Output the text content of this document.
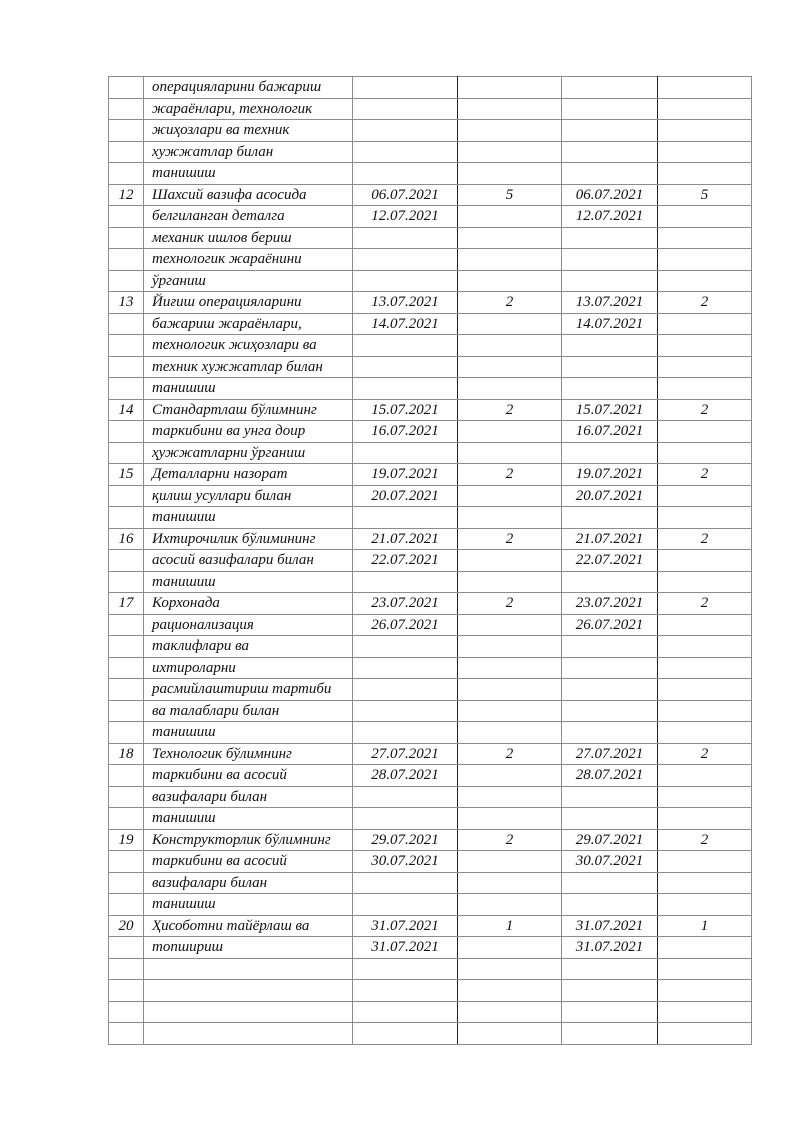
	операцияларини бажариш				
	жараёнлари, технологик				
	жиҳозлари ва техник				
	хужжатлар билан				
	танишиш				
12	Шахсий вазифа асосида	06.07.2021	5	06.07.2021	5
	белгиланган деталга	12.07.2021		12.07.2021	
	механик ишлов бериш				
	технологик жараёнини				
	ўрганиш				
13	Йиғиш операцияларини	13.07.2021	2	13.07.2021	2
	бажариш жараёнлари,	14.07.2021		14.07.2021	
	технологик жиҳозлари ва				
	техник хужжатлар билан				
	танишиш				
14	Стандартлаш бўлимнинг	15.07.2021	2	15.07.2021	2
	таркибини ва унга доир	16.07.2021		16.07.2021	
	ҳужжатларни ўрганиш				
15	Деталларни назорат	19.07.2021	2	19.07.2021	2
	қилиш усуллари билан	20.07.2021		20.07.2021	
	танишиш				
16	Ихтирочилик бўлимининг	21.07.2021	2	21.07.2021	2
	асосий вазифалари билан	22.07.2021		22.07.2021	
	танишиш				
17	Корхонада	23.07.2021	2	23.07.2021	2
	рационализация	26.07.2021		26.07.2021	
	таклифлари ва				
	ихтироларни				
	расмийлаштириш тартиби				
	ва талаблари билан				
	танишиш				
18	Технологик бўлимнинг	27.07.2021	2	27.07.2021	2
	таркибини ва асосий	28.07.2021		28.07.2021	
	вазифалари билан				
	танишиш				
19	Конструкторлик бўлимнинг	29.07.2021	2	29.07.2021	2
	таркибини ва асосий	30.07.2021		30.07.2021	
	вазифалари билан				
	танишиш				
20	Ҳисоботни тайёрлаш ва	31.07.2021	1	31.07.2021	1
	топшириш	31.07.2021		31.07.2021	
